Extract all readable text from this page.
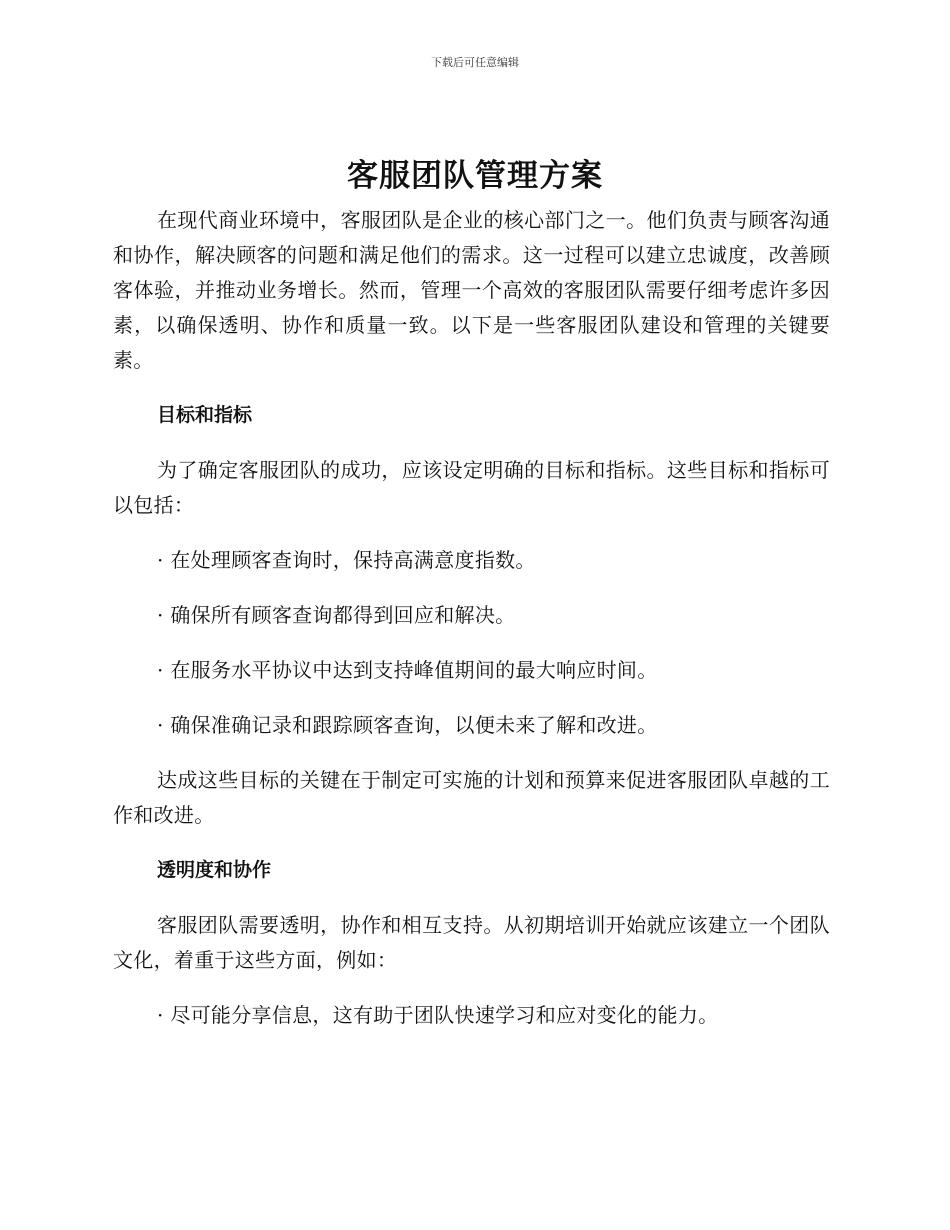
下载后可任意编辑
客服团队管理方案

在现代商业环境中，客服团队是企业的核心部门之一。他们负责与顾客沟通和协作，解决顾客的问题和满足他们的需求。这一过程可以建立忠诚度，改善顾客体验，并推动业务增长。然而，管理一个高效的客服团队需要仔细考虑许多因素，以确保透明、协作和质量一致。以下是一些客服团队建设和管理的关键要素。

目标和指标

为了确定客服团队的成功，应该设定明确的目标和指标。这些目标和指标可以包括：

· 在处理顾客查询时，保持高满意度指数。
· 确保所有顾客查询都得到回应和解决。
· 在服务水平协议中达到支持峰值期间的最大响应时间。
· 确保准确记录和跟踪顾客查询，以便未来了解和改进。

达成这些目标的关键在于制定可实施的计划和预算来促进客服团队卓越的工作和改进。

透明度和协作

客服团队需要透明，协作和相互支持。从初期培训开始就应该建立一个团队文化，着重于这些方面，例如：

· 尽可能分享信息，这有助于团队快速学习和应对变化的能力。
